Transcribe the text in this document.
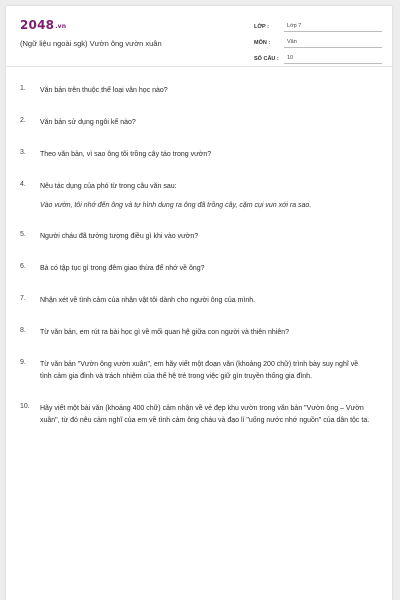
2048.vn
(Ngữ liệu ngoài sgk) Vườn ông vườn xuân
LỚP :	Lớp 7
MÔN :	Văn
SỐ CÂU :	10
1. Văn bản trên thuộc thể loại văn học nào?
2. Văn bản sử dụng ngôi kể nào?
3. Theo văn bản, vì sao ông tôi trồng cây táo trong vườn?
4. Nêu tác dụng của phó từ trong câu văn sau:
Vào vườn, tôi nhớ đến ông và tự hình dung ra ông đã trồng cây, cặm cụi vun xới ra sao.
5. Người cháu đã tưởng tượng điều gì khi vào vườn?
6. Bà có tập tục gì trong đêm giao thừa để nhớ về ông?
7. Nhận xét về tình cảm của nhân vật tôi dành cho người ông của mình.
8. Từ văn bản, em rút ra bài học gì về mối quan hệ giữa con người và thiên nhiên?
9. Từ văn bản "Vườn ông vườn xuân", em hãy viết một đoạn văn (khoảng 200 chữ) trình bày suy nghĩ về tình cảm gia đình và trách nhiệm của thế hệ trẻ trong việc giữ gìn truyền thống gia đình.
10. Hãy viết một bài văn (khoảng 400 chữ) cảm nhận về vẻ đẹp khu vườn trong văn bản "Vườn ông – Vườn xuân", từ đó nêu cảm nghĩ của em về tình cảm ông cháu và đạo lí "uống nước nhớ nguồn" của dân tộc ta.
